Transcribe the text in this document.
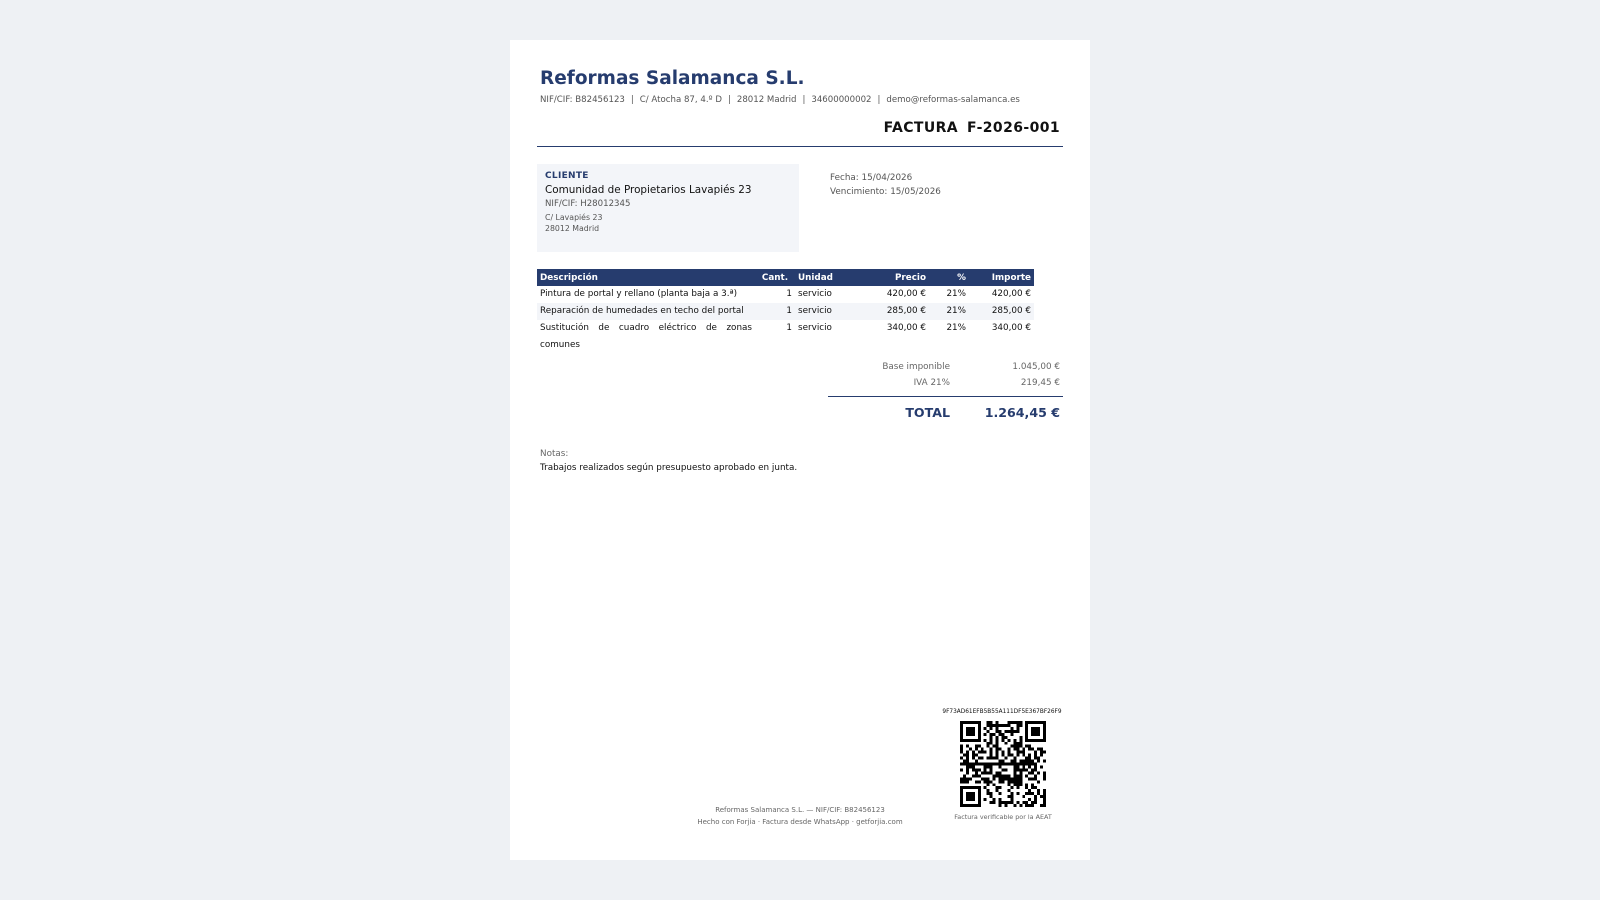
Reformas Salamanca S.L.
NIF/CIF: B82456123 | C/ Atocha 87, 4.º D | 28012 Madrid | 34600000002 | demo@reformas-salamanca.es
FACTURA F-2026-001
CLIENTE
Comunidad de Propietarios Lavapiés 23
NIF/CIF: H28012345
C/ Lavapiés 23
28012 Madrid
Fecha: 15/04/2026
Vencimiento: 15/05/2026
Descripción	Cant.	Unidad	Precio	%	Importe
Pintura de portal y rellano (planta baja a 3.ª)	1	servicio	420,00 €	21%	420,00 €
Reparación de humedades en techo del portal	1	servicio	285,00 €	21%	285,00 €

Sustitución de cuadro eléctrico de zonas
comunes	1	servicio	340,00 €	21%	340,00 €
Base imponible	1.045,00 €
IVA 21%	219,45 €
TOTAL	1.264,45 €
Notas:
Trabajos realizados según presupuesto aprobado en junta.
9F73AD61EFB5B55A111DF5E367BF26F9
Factura verificable por la AEAT
Reformas Salamanca S.L. — NIF/CIF: B82456123
Hecho con Forjia · Factura desde WhatsApp · getforjia.com
